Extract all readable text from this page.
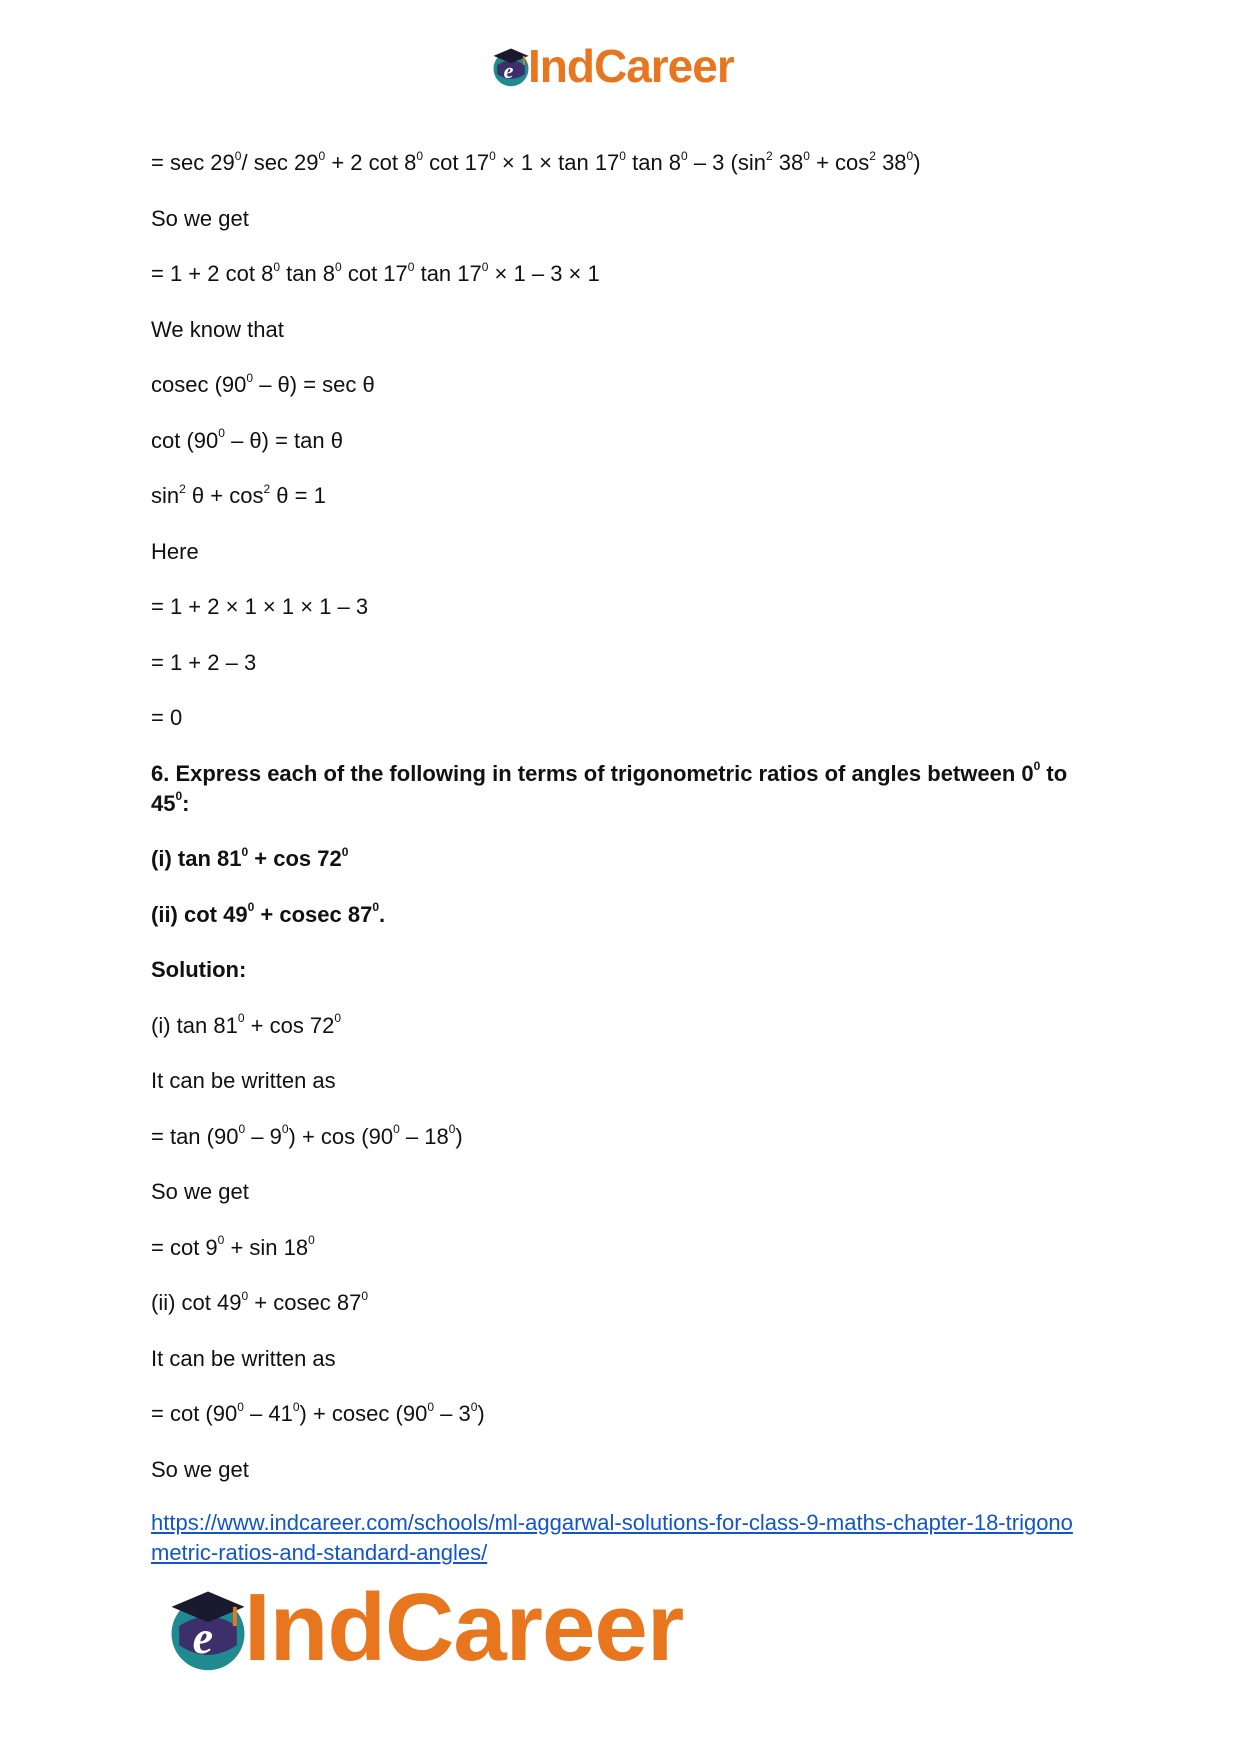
e IndCareer
= $\sec 29^0/$ $\sec 29^0 + 2$ $\cot 8^0$ $\cot 17^0 \times 1 \times \tan 17^0$ $\tan 8^0 - 3$ ($\sin^2$ $38^0 + \cos^2 38^0$)
So we get
= 1 + 2 $\cot 8^0$ $\tan 8^0$ $\cot 17^0$ $\tan 17^0 \times 1 - 3 \times 1$
We know that
cosec $(90^0 - \theta) = \sec \theta$
$\cot (90^0 - \theta) = \tan \theta$
$\sin^2 \theta + \cos^2 \theta = 1$
Here
= 1 + 2 × 1 × 1 × 1 – 3
= 1 + 2 – 3
= 0
6. Express each of the following in terms of trigonometric ratios of angles between $0^0$ to $45^0$:
(i) $\tan 81^0 + \cos 72^0$
(ii) $\cot 49^0 + cosec$ $87^0$.
Solution:
(i) $\tan 81^0 + \cos 72^0$
It can be written as
= $\tan (90^0 - 9^0) + \cos (90^0 - 18^0)$
So we get
= $\cot 9^0 + \sin 18^0$
(ii) $\cot 49^0 + cosec$ $87^0$
It can be written as
= $\cot (90^0 - 41^0) + cosec$ $(90^0 - 3^0)$
So we get
https://www.indcareer.com/schools/ml-aggarwal-solutions-for-class-9-maths-chapter-18-trigonometric-ratios-and-standard-angles/
e IndCareer
